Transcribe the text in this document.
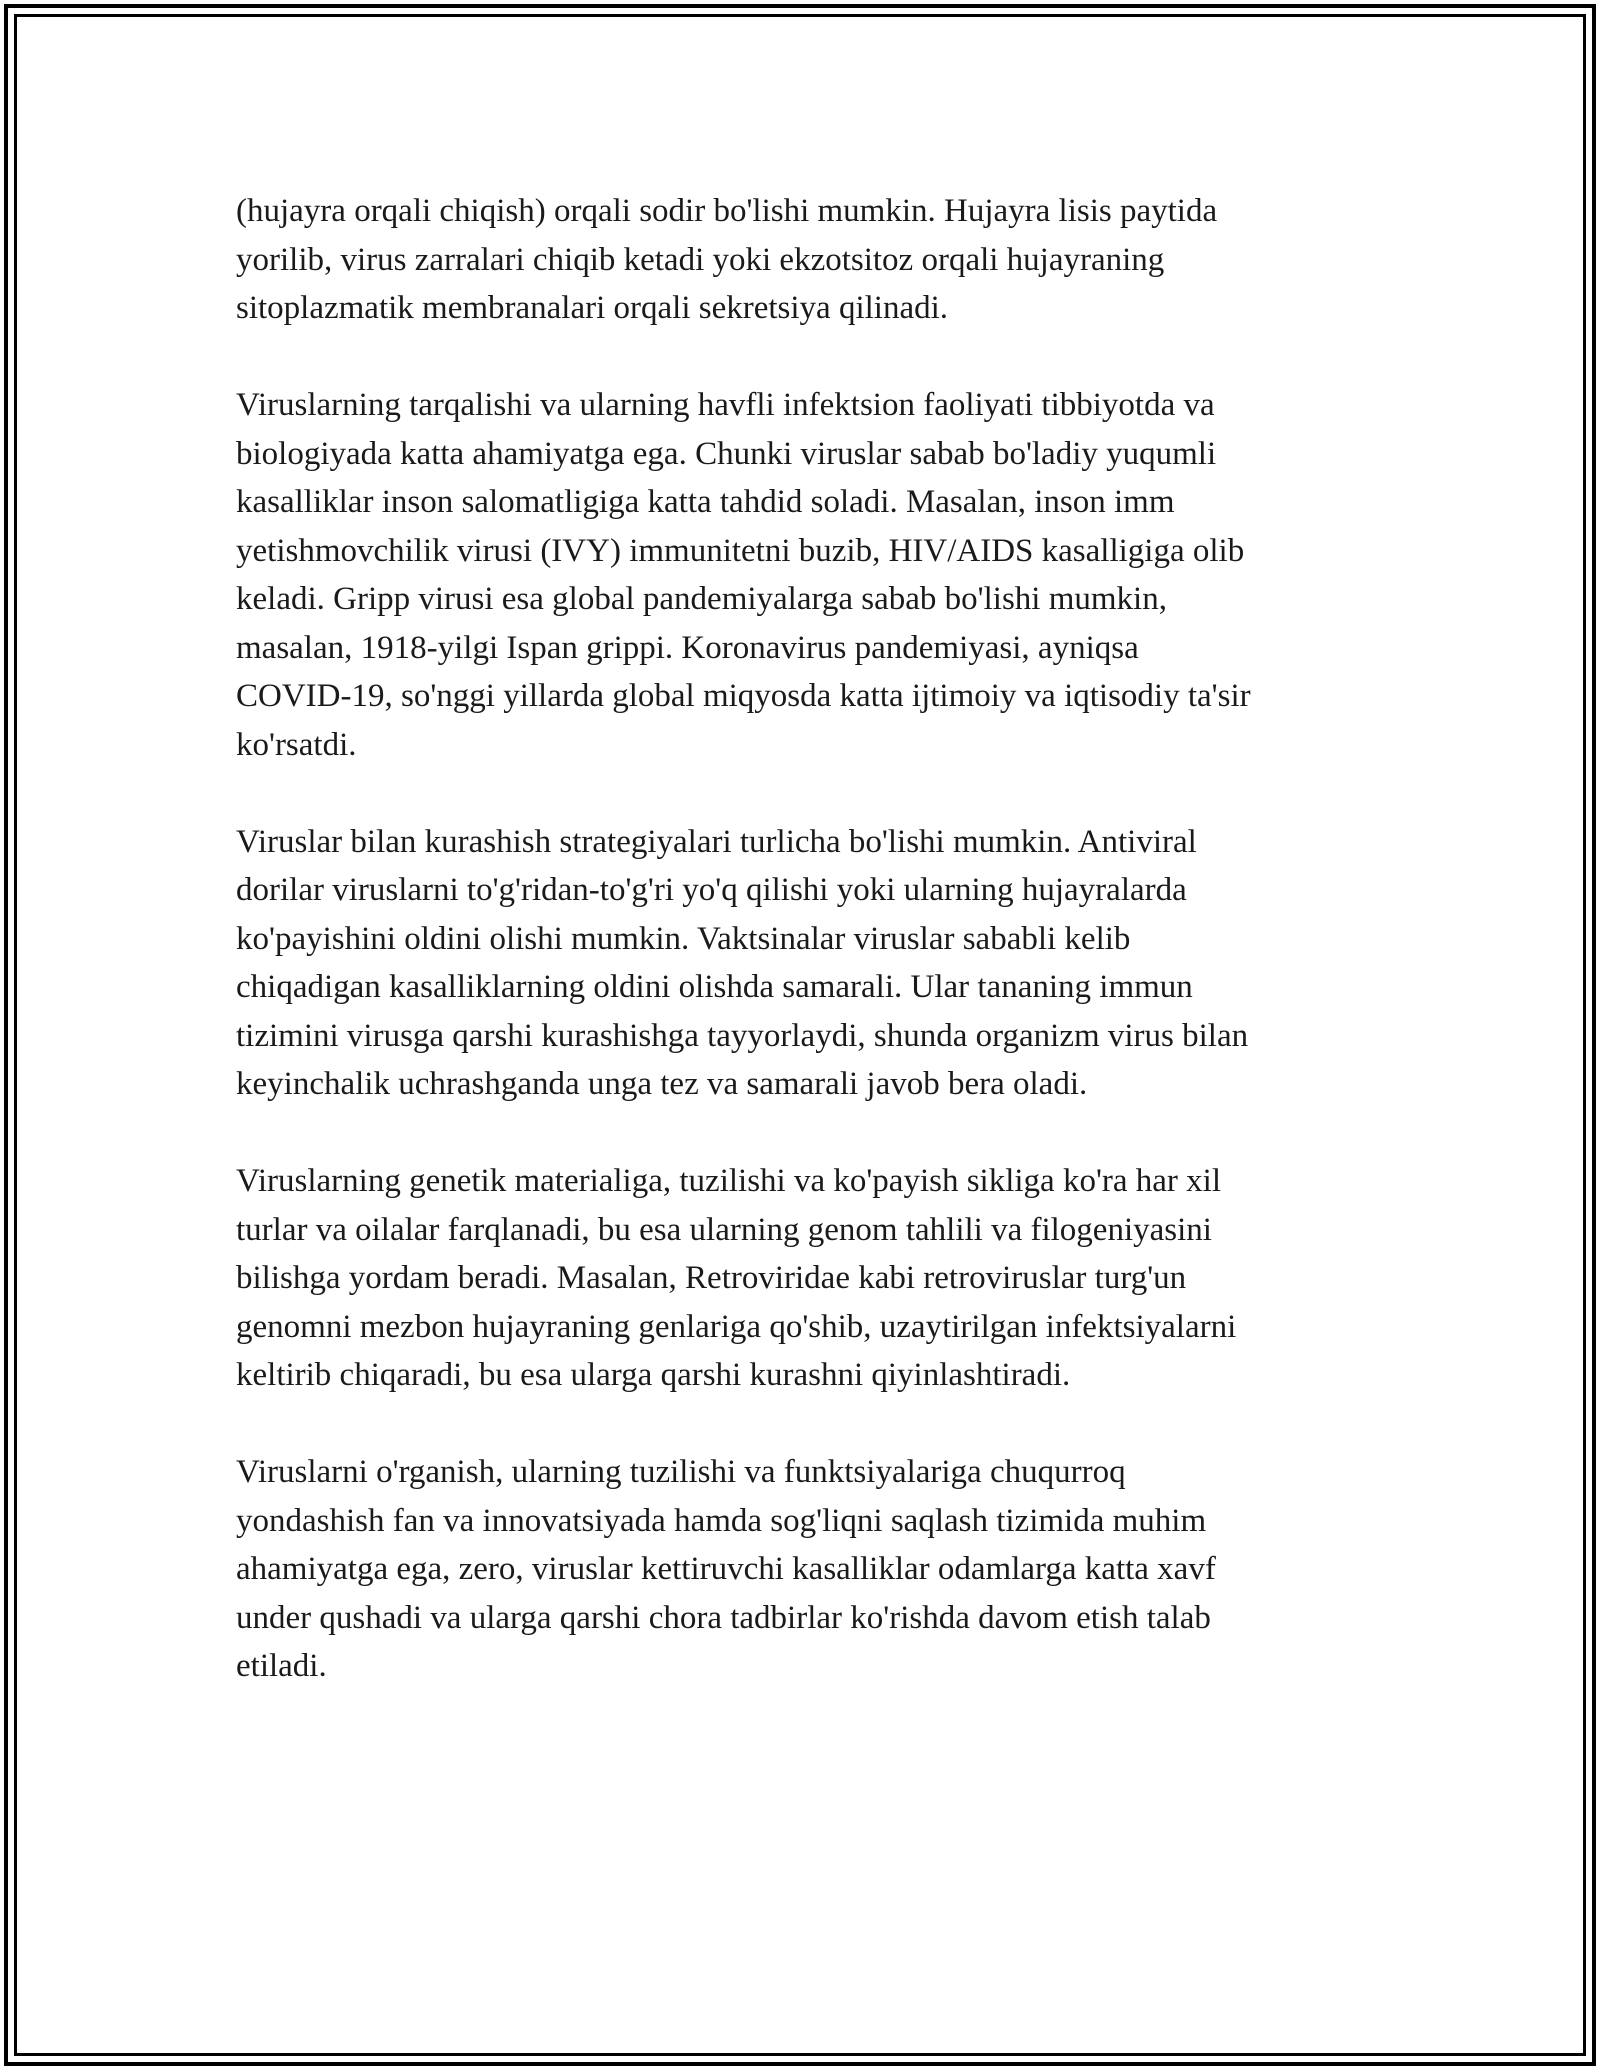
(hujayra orqali chiqish) orqali sodir bo'lishi mumkin. Hujayra lisis paytida
yorilib, virus zarralari chiqib ketadi yoki ekzotsitoz orqali hujayraning
sitoplazmatik membranalari orqali sekretsiya qilinadi.

Viruslarning tarqalishi va ularning havfli infektsion faoliyati tibbiyotda va
biologiyada katta ahamiyatga ega. Chunki viruslar sabab bo'ladiy yuqumli
kasalliklar inson salomatligiga katta tahdid soladi. Masalan, inson imm
yetishmovchilik virusi (IVY) immunitetni buzib, HIV/AIDS kasalligiga olib
keladi. Gripp virusi esa global pandemiyalarga sabab bo'lishi mumkin,
masalan, 1918-yilgi Ispan grippi. Koronavirus pandemiyasi, ayniqsa
COVID-19, so'nggi yillarda global miqyosda katta ijtimoiy va iqtisodiy ta'sir
ko'rsatdi.

Viruslar bilan kurashish strategiyalari turlicha bo'lishi mumkin. Antiviral
dorilar viruslarni to'g'ridan-to'g'ri yo'q qilishi yoki ularning hujayralarda
ko'payishini oldini olishi mumkin. Vaktsinalar viruslar sababli kelib
chiqadigan kasalliklarning oldini olishda samarali. Ular tananing immun
tizimini virusga qarshi kurashishga tayyorlaydi, shunda organizm virus bilan
keyinchalik uchrashganda unga tez va samarali javob bera oladi.

Viruslarning genetik materialiga, tuzilishi va ko'payish sikliga ko'ra har xil
turlar va oilalar farqlanadi, bu esa ularning genom tahlili va filogeniyasini
bilishga yordam beradi. Masalan, Retroviridae kabi retroviruslar turg'un
genomni mezbon hujayraning genlariga qo'shib, uzaytirilgan infektsiyalarni
keltirib chiqaradi, bu esa ularga qarshi kurashni qiyinlashtiradi.

Viruslarni o'rganish, ularning tuzilishi va funktsiyalariga chuqurroq
yondashish fan va innovatsiyada hamda sog'liqni saqlash tizimida muhim
ahamiyatga ega, zero, viruslar kettiruvchi kasalliklar odamlarga katta xavf
under qushadi va ularga qarshi chora tadbirlar ko'rishda davom etish talab
etiladi.
